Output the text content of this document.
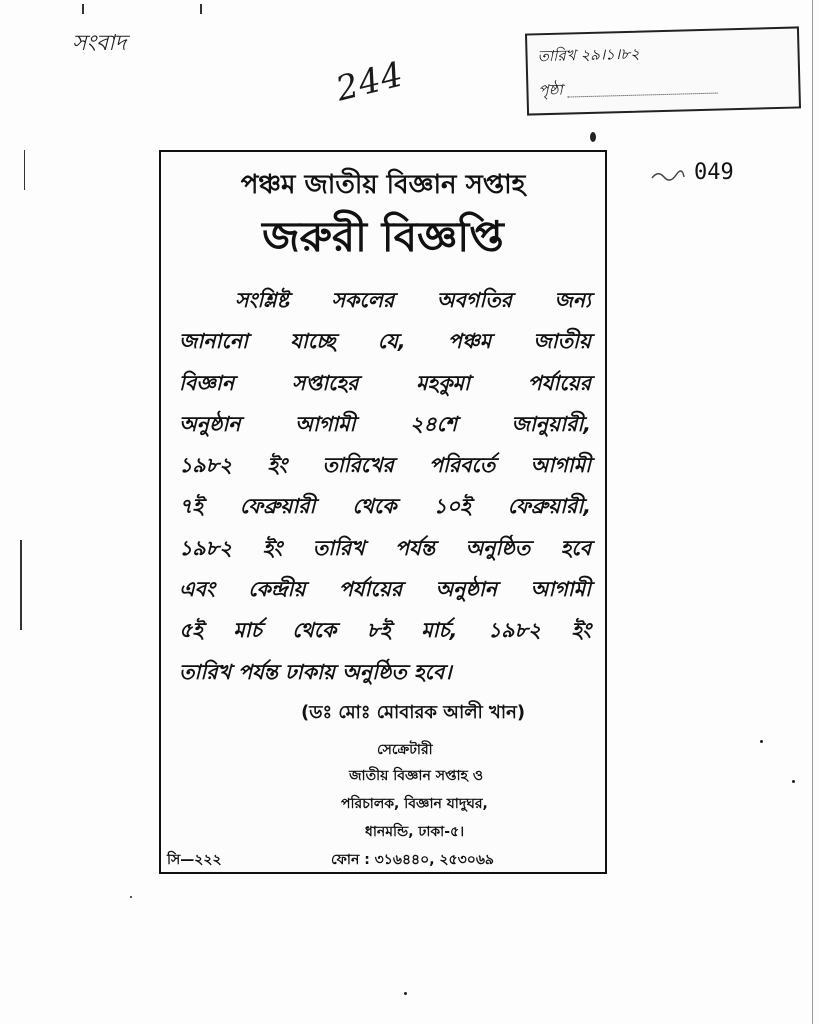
সংবাদ
244	তারিখ ২৯।১।৮২
পৃষ্ঠা
049
পঞ্চম জাতীয় বিজ্ঞান সপ্তাহ
জরুরী বিজ্ঞপ্তি
সংশ্লিষ্ট সকলের অবগতির জন্য
জানানো যাচ্ছে যে, পঞ্চম জাতীয়
বিজ্ঞান সপ্তাহের মহকুমা পর্যায়ের
অনুষ্ঠান আগামী ২৪শে জানুয়ারী,
১৯৮২ ইং তারিখের পরিবর্তে আগামী
৭ই ফেব্রুয়ারী থেকে ১০ই ফেব্রুয়ারী,
১৯৮২ ইং তারিখ পর্যন্ত অনুষ্ঠিত হবে
এবং কেন্দ্রীয় পর্যায়ের অনুষ্ঠান আগামী
৫ই মার্চ থেকে ৮ই মার্চ, ১৯৮২ ইং
তারিখ পর্যন্ত ঢাকায় অনুষ্ঠিত হবে।
(ডঃ মোঃ মোবারক আলী খান)
সেক্রেটারী
জাতীয় বিজ্ঞান সপ্তাহ ও
পরিচালক, বিজ্ঞান যাদুঘর,
ধানমন্ডি, ঢাকা-৫।
সি—২২২	ফোন : ৩১৬৪৪০, ২৫৩০৬৯
